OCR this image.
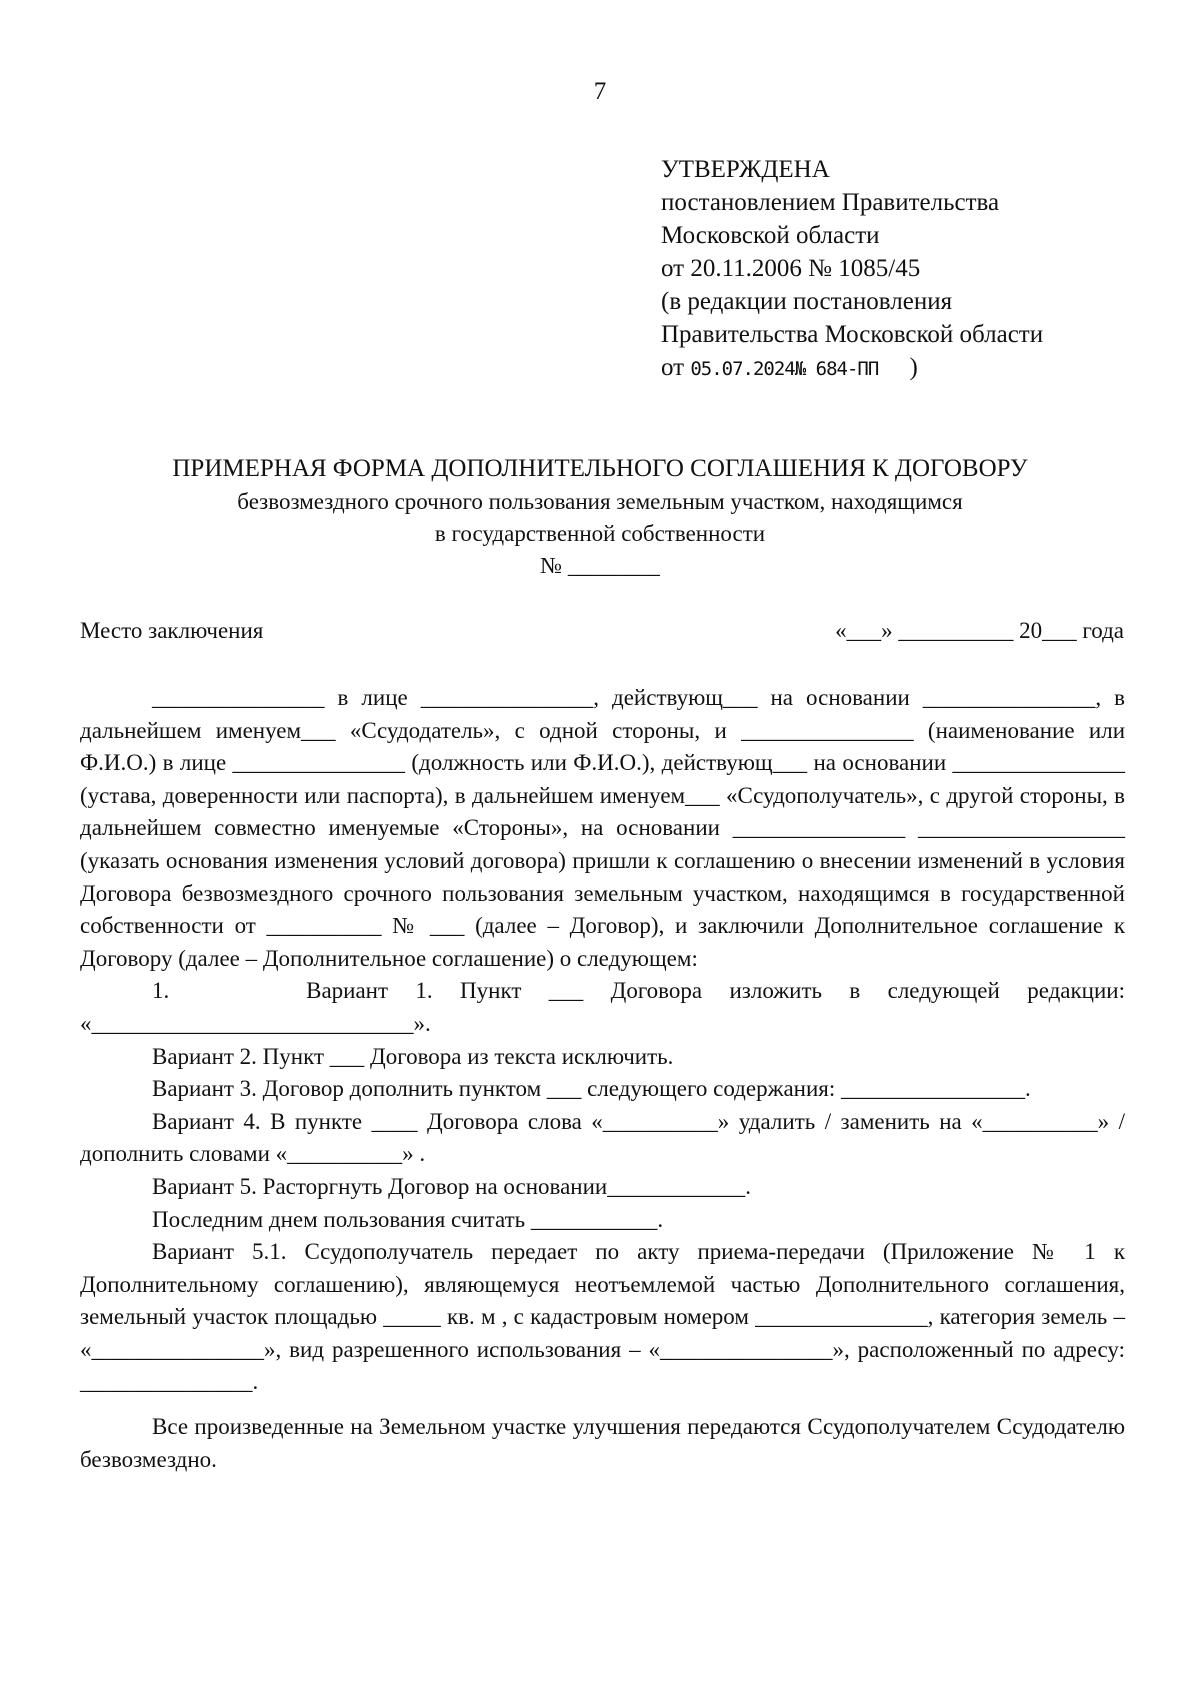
7
УТВЕРЖДЕНА
постановлением Правительства
Московской области
от 20.11.2006 № 1085/45
(в редакции постановления
Правительства Московской области
от 05.07.2024№ 684-ПП )
ПРИМЕРНАЯ ФОРМА ДОПОЛНИТЕЛЬНОГО СОГЛАШЕНИЯ К ДОГОВОРУ
безвозмездного срочного пользования земельным участком, находящимся
в государственной собственности
№ ________
Место заключения	«___» __________ 20___ года

_______________ в лице _______________, действующ___ на основании _______________, в дальнейшем именуем___ «Ссудодатель», с одной стороны, и _______________ (наименование или Ф.И.О.) в лице _______________ (должность или Ф.И.О.), действующ___ на основании _______________ (устава, доверенности или паспорта), в дальнейшем именуем___ «Ссудополучатель», с другой стороны, в дальнейшем совместно именуемые «Стороны», на основании _______________ __________________ (указать основания изменения условий договора) пришли к соглашению о внесении изменений в условия Договора безвозмездного срочного пользования земельным участком, находящимся в государственной собственности от __________ № ___ (далее – Договор), и заключили Дополнительное соглашение к Договору (далее – Дополнительное соглашение) о следующем:

1.     Вариант 1. Пункт ___ Договора изложить в следующей редакции: «____________________________».

Вариант 2. Пункт ___ Договора из текста исключить.

Вариант 3. Договор дополнить пунктом ___ следующего содержания: ________________.

Вариант 4. В пункте ____ Договора слова «__________» удалить / заменить на «__________» / дополнить словами «__________» .

Вариант 5. Расторгнуть Договор на основании____________.

Последним днем пользования считать ___________.

Вариант 5.1. Ссудополучатель передает по акту приема-передачи (Приложение № 1 к Дополнительному соглашению), являющемуся неотъемлемой частью Дополнительного соглашения, земельный участок площадью _____ кв. м , с кадастровым номером _______________, категория земель – «_______________», вид разрешенного использования – «_______________», расположенный по адресу: _______________.

Все произведенные на Земельном участке улучшения передаются Ссудополучателем Ссудодателю безвозмездно.
